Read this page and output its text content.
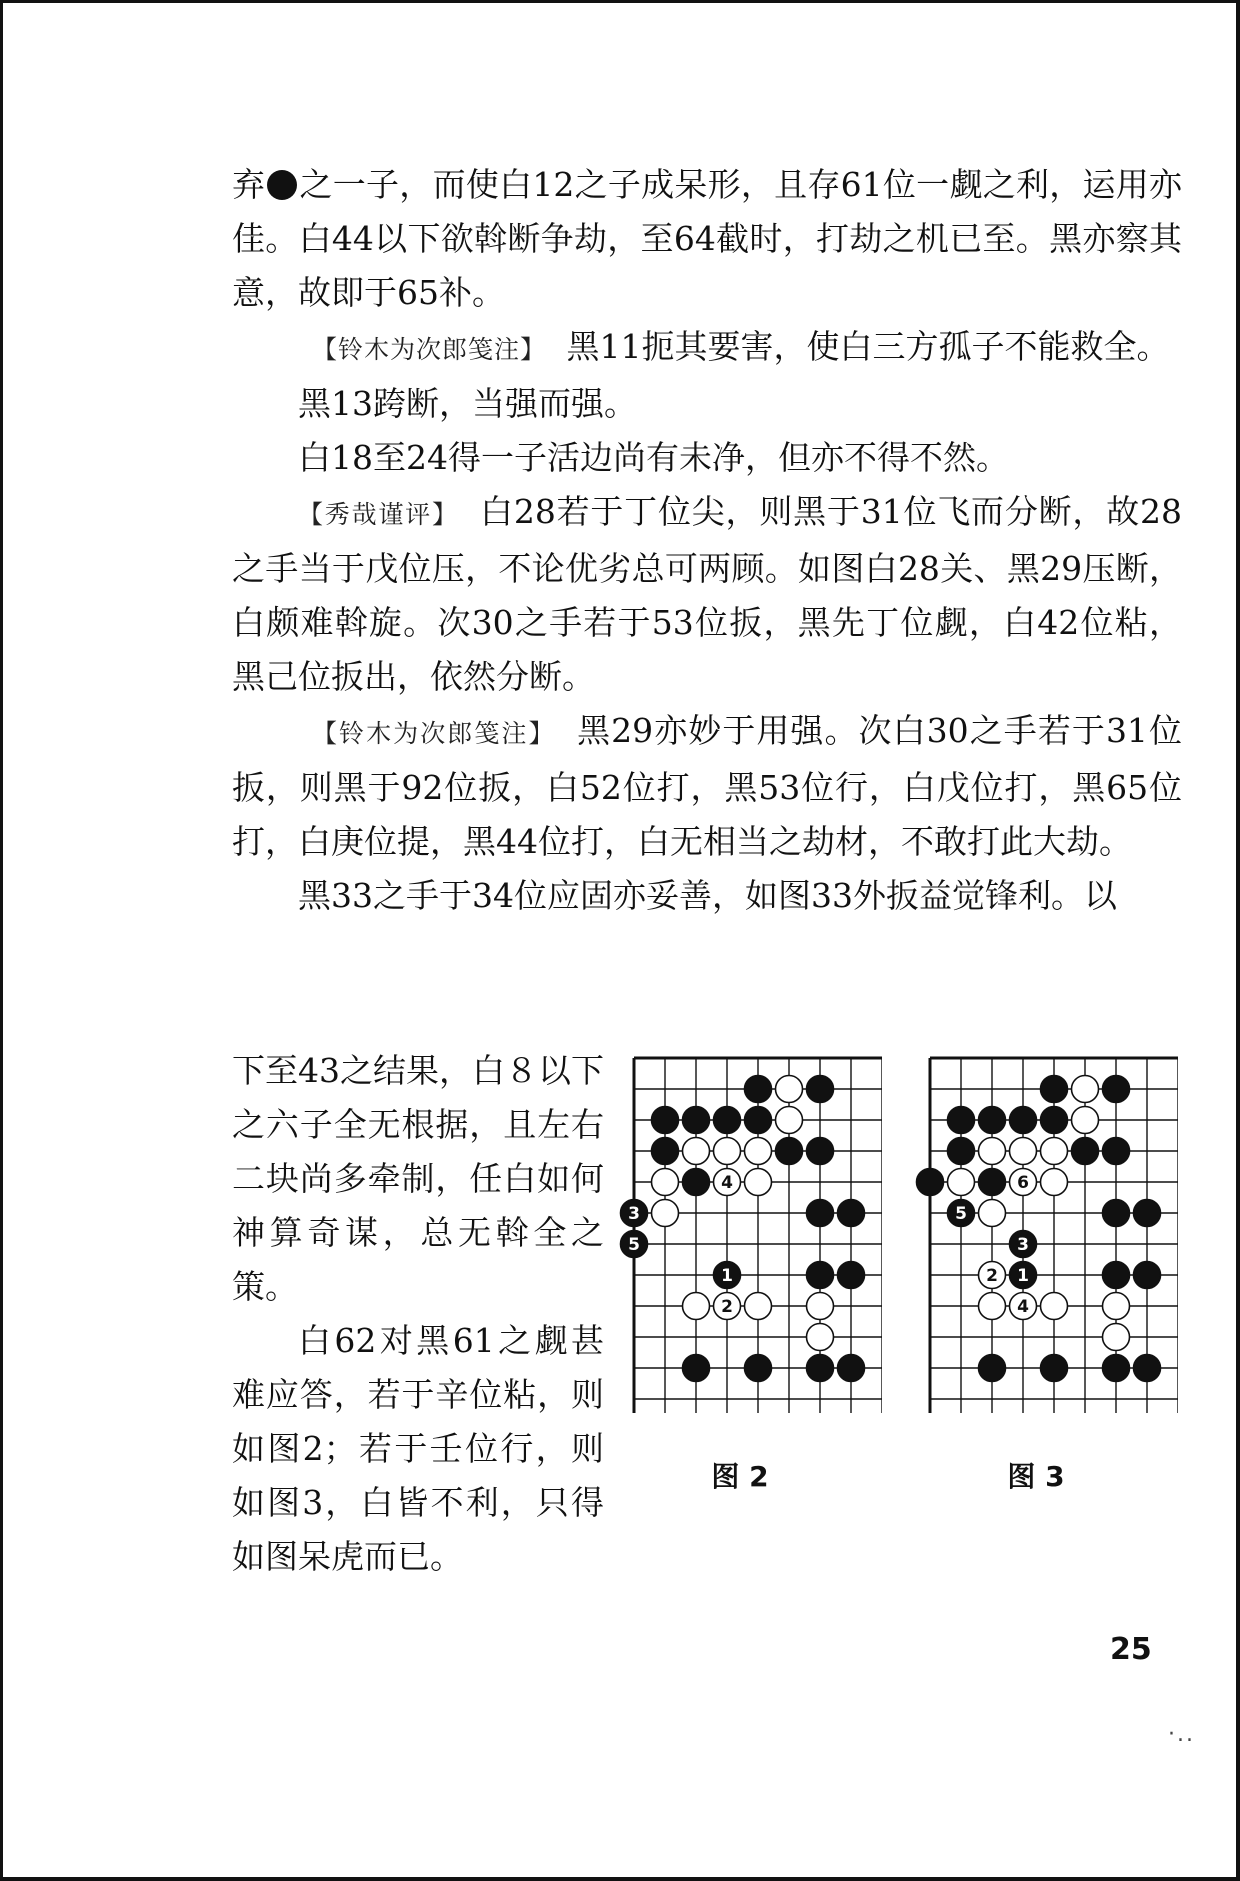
弃 之一子，而使白12之子成呆形，且存61位一觑之利，运用亦佳。白44以下欲斡断争劫，至64截时，打劫之机已至。黑亦察其意，故即于65补。

【铃木为次郎笺注】　 黑11扼其要害，使白三方孤子不能救全。

黑13跨断，当强而强。

白18至24得一子活边尚有未净，但亦不得不然。

【秀哉谨评】　 白28若于丁位尖，则黑于31位飞而分断，故28之手当于戊位压，不论优劣总可两顾。如图白28关、黑29压断，白颇难斡旋。次30之手若于53位扳，黑先丁位觑，白42位粘，黑己位扳出，依然分断。

【铃木为次郎笺注】　 黑29亦妙于用强。次白30之手若于31位扳，则黑于92位扳，白52位打，黑53位行，白戊位打，黑65位打，白庚位提，黑44位打，白无相当之劫材，不敢打此大劫。

黑33之手于34位应固亦妥善，如图33外扳益觉锋利。以

下至43之结果，白８以下之六子全无根据，且左右二块尚多牵制，任白如何神算奇谋，总无斡全之策。

白62对黑61之觑甚难应答，若于辛位粘，则如图2；若于壬位行，则如图3，白皆不利，只得如图呆虎而已。

4
3
5
1
2
6
5
3
2 1
4
图 2	图 3
25
·..
